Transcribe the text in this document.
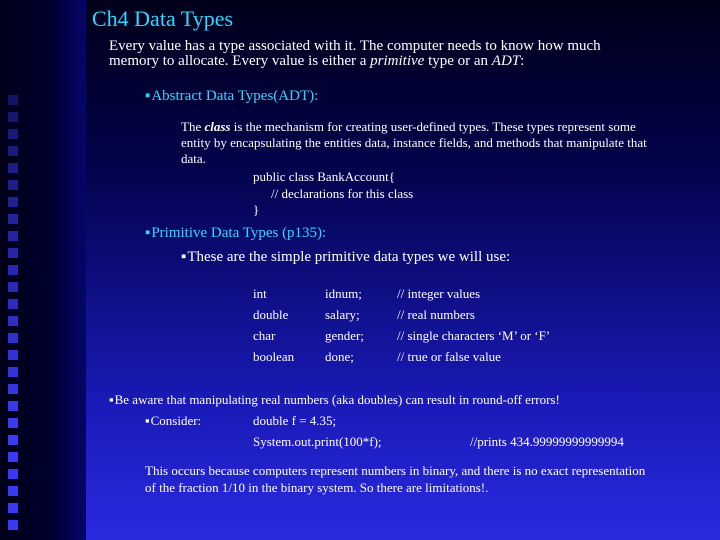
Ch4 Data Types
Every value has a type associated with it. The computer needs to know how much
memory to allocate. Every value is either a primitive type or an ADT:
▪ Abstract Data Types(ADT):
The class is the mechanism for creating user-defined types. These types represent some
entity by encapsulating the entities data, instance fields, and methods that manipulate that
data.
public class BankAccount{
// declarations for this class
}
▪ Primitive Data Types (p135):
▪ These are the simple primitive data types we will use:
int	idnum;	// integer values
double	salary;	// real numbers
char	gender;	// single characters ‘M’ or ‘F’
boolean done;	// true or false value
▪ Be aware that manipulating real numbers (aka doubles) can result in round-off errors!
▪ Consider:	double f = 4.35;
System.out.print(100*f);	//prints 434.99999999999994
This occurs because computers represent numbers in binary, and there is no exact representation
of the fraction 1/10 in the binary system. So there are limitations!.
